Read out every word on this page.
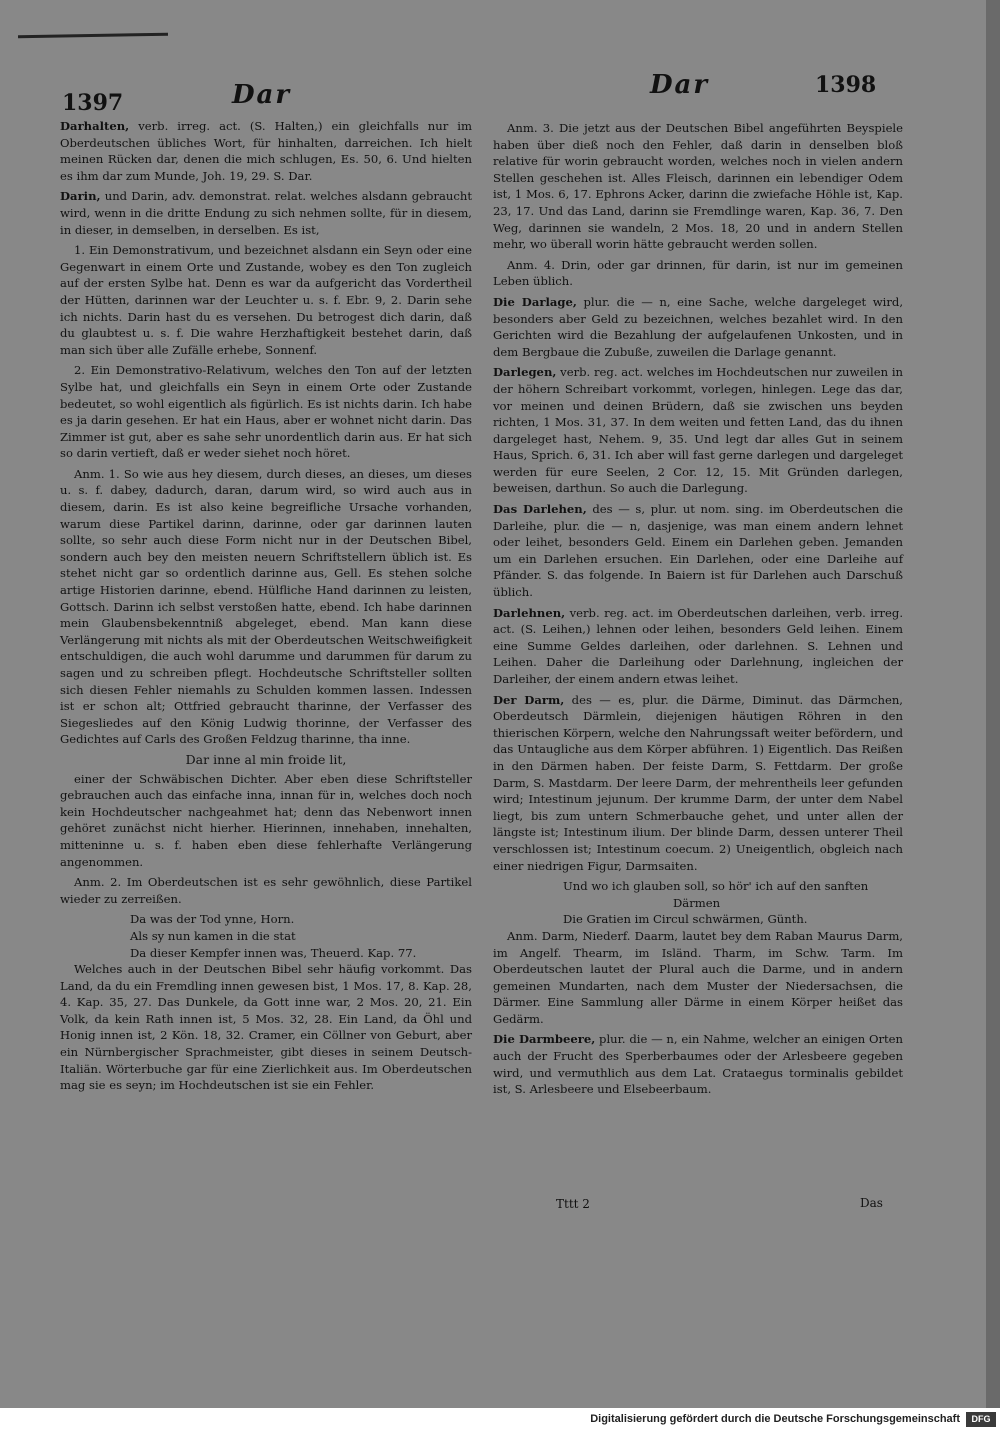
1397	Dar	Dar	1398

Darhalten, verb. irreg. act. (S. Halten,) ein gleichfalls nur im Oberdeutschen übliches Wort, für hinhalten, darreichen. Ich hielt meinen Rücken dar, denen die mich schlugen, Es. 50, 6. Und hielten es ihm dar zum Munde, Joh. 19, 29. S. Dar.

Darin, und Darin, adv. demonstrat. relat. welches alsdann gebraucht wird, wenn in die dritte Endung zu sich nehmen sollte, für in diesem, in dieser, in demselben, in derselben. Es ist,

1. Ein Demonstrativum, und bezeichnet alsdann ein Seyn oder eine Gegenwart in einem Orte und Zustande, wobey es den Ton zugleich auf der ersten Sylbe hat. Denn es war da aufgericht das Vordertheil der Hütten, darinnen war der Leuchter u. s. f. Ebr. 9, 2. Darin sehe ich nichts. Darin hast du es versehen. Du betrogest dich darin, daß du glaubtest u. s. f. Die wahre Herzhaftigkeit bestehet darin, daß man sich über alle Zufälle erhebe, Sonnenf.

2. Ein Demonstrativo-Relativum, welches den Ton auf der letzten Sylbe hat, und gleichfalls ein Seyn in einem Orte oder Zustande bedeutet, so wohl eigentlich als figürlich. Es ist nichts darin. Ich habe es ja darin gesehen. Er hat ein Haus, aber er wohnet nicht darin. Das Zimmer ist gut, aber es sahe sehr unordentlich darin aus. Er hat sich so darin vertieft, daß er weder siehet noch höret.

Anm. 1. So wie aus hey diesem, durch dieses, an dieses, um dieses u. s. f. dabey, dadurch, daran, darum wird, so wird auch aus in diesem, darin. Es ist also keine begreifliche Ursache vorhanden, warum diese Partikel darinn, darinne, oder gar darinnen lauten sollte, so sehr auch diese Form nicht nur in der Deutschen Bibel, sondern auch bey den meisten neuern Schriftstellern üblich ist. Es stehet nicht gar so ordentlich darinne aus, Gell. Es stehen solche artige Historien darinne, ebend. Hülfliche Hand darinnen zu leisten, Gottsch. Darinn ich selbst verstoßen hatte, ebend. Ich habe darinnen mein Glaubensbekenntniß abgeleget, ebend. Man kann diese Verlängerung mit nichts als mit der Oberdeutschen Weitschweifigkeit entschuldigen, die auch wohl darumme und darummen für darum zu sagen und zu schreiben pflegt. Hochdeutsche Schriftsteller sollten sich diesen Fehler niemahls zu Schulden kommen lassen. Indessen ist er schon alt; Ottfried gebraucht tharinne, der Verfasser des Siegesliedes auf den König Ludwig thorinne, der Verfasser des Gedichtes auf Carls des Großen Feldzug tharinne, tha inne.

Dar inne al min froide lit,

einer der Schwäbischen Dichter. Aber eben diese Schriftsteller gebrauchen auch das einfache inna, innan für in, welches doch noch kein Hochdeutscher nachgeahmet hat; denn das Nebenwort innen gehöret zunächst nicht hierher. Hierinnen, innehaben, innehalten, mitteninne u. s. f. haben eben diese fehlerhafte Verlängerung angenommen.

Anm. 2. Im Oberdeutschen ist es sehr gewöhnlich, diese Partikel wieder zu zerreißen.

Da was der Tod ynne, Horn.

Als sy nun kamen in die stat

Da dieser Kempfer innen was, Theuerd. Kap. 77.

Welches auch in der Deutschen Bibel sehr häufig vorkommt. Das Land, da du ein Fremdling innen gewesen bist, 1 Mos. 17, 8. Kap. 28, 4. Kap. 35, 27. Das Dunkele, da Gott inne war, 2 Mos. 20, 21. Ein Volk, da kein Rath innen ist, 5 Mos. 32, 28. Ein Land, da Öhl und Honig innen ist, 2 Kön. 18, 32. Cramer, ein Cöllner von Geburt, aber ein Nürnbergischer Sprachmeister, gibt dieses in seinem Deutsch-Italiän. Wörterbuche gar für eine Zierlichkeit aus. Im Oberdeutschen mag sie es seyn; im Hochdeutschen ist sie ein Fehler.

Anm. 3. Die jetzt aus der Deutschen Bibel angeführten Beyspiele haben über dieß noch den Fehler, daß darin in denselben bloß relative für worin gebraucht worden, welches noch in vielen andern Stellen geschehen ist. Alles Fleisch, darinnen ein lebendiger Odem ist, 1 Mos. 6, 17. Ephrons Acker, darinn die zwiefache Höhle ist, Kap. 23, 17. Und das Land, darinn sie Fremdlinge waren, Kap. 36, 7. Den Weg, darinnen sie wandeln, 2 Mos. 18, 20 und in andern Stellen mehr, wo überall worin hätte gebraucht werden sollen.

Anm. 4. Drin, oder gar drinnen, für darin, ist nur im gemeinen Leben üblich.

Die Darlage, plur. die — n, eine Sache, welche dargeleget wird, besonders aber Geld zu bezeichnen, welches bezahlet wird. In den Gerichten wird die Bezahlung der aufgelaufenen Unkosten, und in dem Bergbaue die Zubuße, zuweilen die Darlage genannt.

Darlegen, verb. reg. act. welches im Hochdeutschen nur zuweilen in der höhern Schreibart vorkommt, vorlegen, hinlegen. Lege das dar, vor meinen und deinen Brüdern, daß sie zwischen uns beyden richten, 1 Mos. 31, 37. In dem weiten und fetten Land, das du ihnen dargeleget hast, Nehem. 9, 35. Und legt dar alles Gut in seinem Haus, Sprich. 6, 31. Ich aber will fast gerne darlegen und dargeleget werden für eure Seelen, 2 Cor. 12, 15. Mit Gründen darlegen, beweisen, darthun. So auch die Darlegung.

Das Darlehen, des — s, plur. ut nom. sing. im Oberdeutschen die Darleihe, plur. die — n, dasjenige, was man einem andern lehnet oder leihet, besonders Geld. Einem ein Darlehen geben. Jemanden um ein Darlehen ersuchen. Ein Darlehen, oder eine Darleihe auf Pfänder. S. das folgende. In Baiern ist für Darlehen auch Darschuß üblich.

Darlehnen, verb. reg. act. im Oberdeutschen darleihen, verb. irreg. act. (S. Leihen,) lehnen oder leihen, besonders Geld leihen. Einem eine Summe Geldes darleihen, oder darlehnen. S. Lehnen und Leihen. Daher die Darleihung oder Darlehnung, ingleichen der Darleiher, der einem andern etwas leihet.

Der Darm, des — es, plur. die Därme, Diminut. das Därmchen, Oberdeutsch Därmlein, diejenigen häutigen Röhren in den thierischen Körpern, welche den Nahrungssaft weiter befördern, und das Untaugliche aus dem Körper abführen. 1) Eigentlich. Das Reißen in den Därmen haben. Der feiste Darm, S. Fettdarm. Der große Darm, S. Mastdarm. Der leere Darm, der mehrentheils leer gefunden wird; Intestinum jejunum. Der krumme Darm, der unter dem Nabel liegt, bis zum untern Schmerbauche gehet, und unter allen der längste ist; Intestinum ilium. Der blinde Darm, dessen unterer Theil verschlossen ist; Intestinum coecum. 2) Uneigentlich, obgleich nach einer niedrigen Figur, Darmsaiten.

Und wo ich glauben soll, so hör' ich auf den sanften

Därmen

Die Gratien im Circul schwärmen, Günth.

Anm. Darm, Niederf. Daarm, lautet bey dem Raban Maurus Darm, im Angelf. Thearm, im Isländ. Tharm, im Schw. Tarm. Im Oberdeutschen lautet der Plural auch die Darme, und in andern gemeinen Mundarten, nach dem Muster der Niedersachsen, die Därmer. Eine Sammlung aller Därme in einem Körper heißet das Gedärm.

Die Darmbeere, plur. die — n, ein Nahme, welcher an einigen Orten auch der Frucht des Sperberbaumes oder der Arlesbeere gegeben wird, und vermuthlich aus dem Lat. Crataegus torminalis gebildet ist, S. Arlesbeere und Elsebeerbaum.

Tttt 2	Das
Digitalisierung gefördert durch die Deutsche Forschungsgemeinschaft	DFG
